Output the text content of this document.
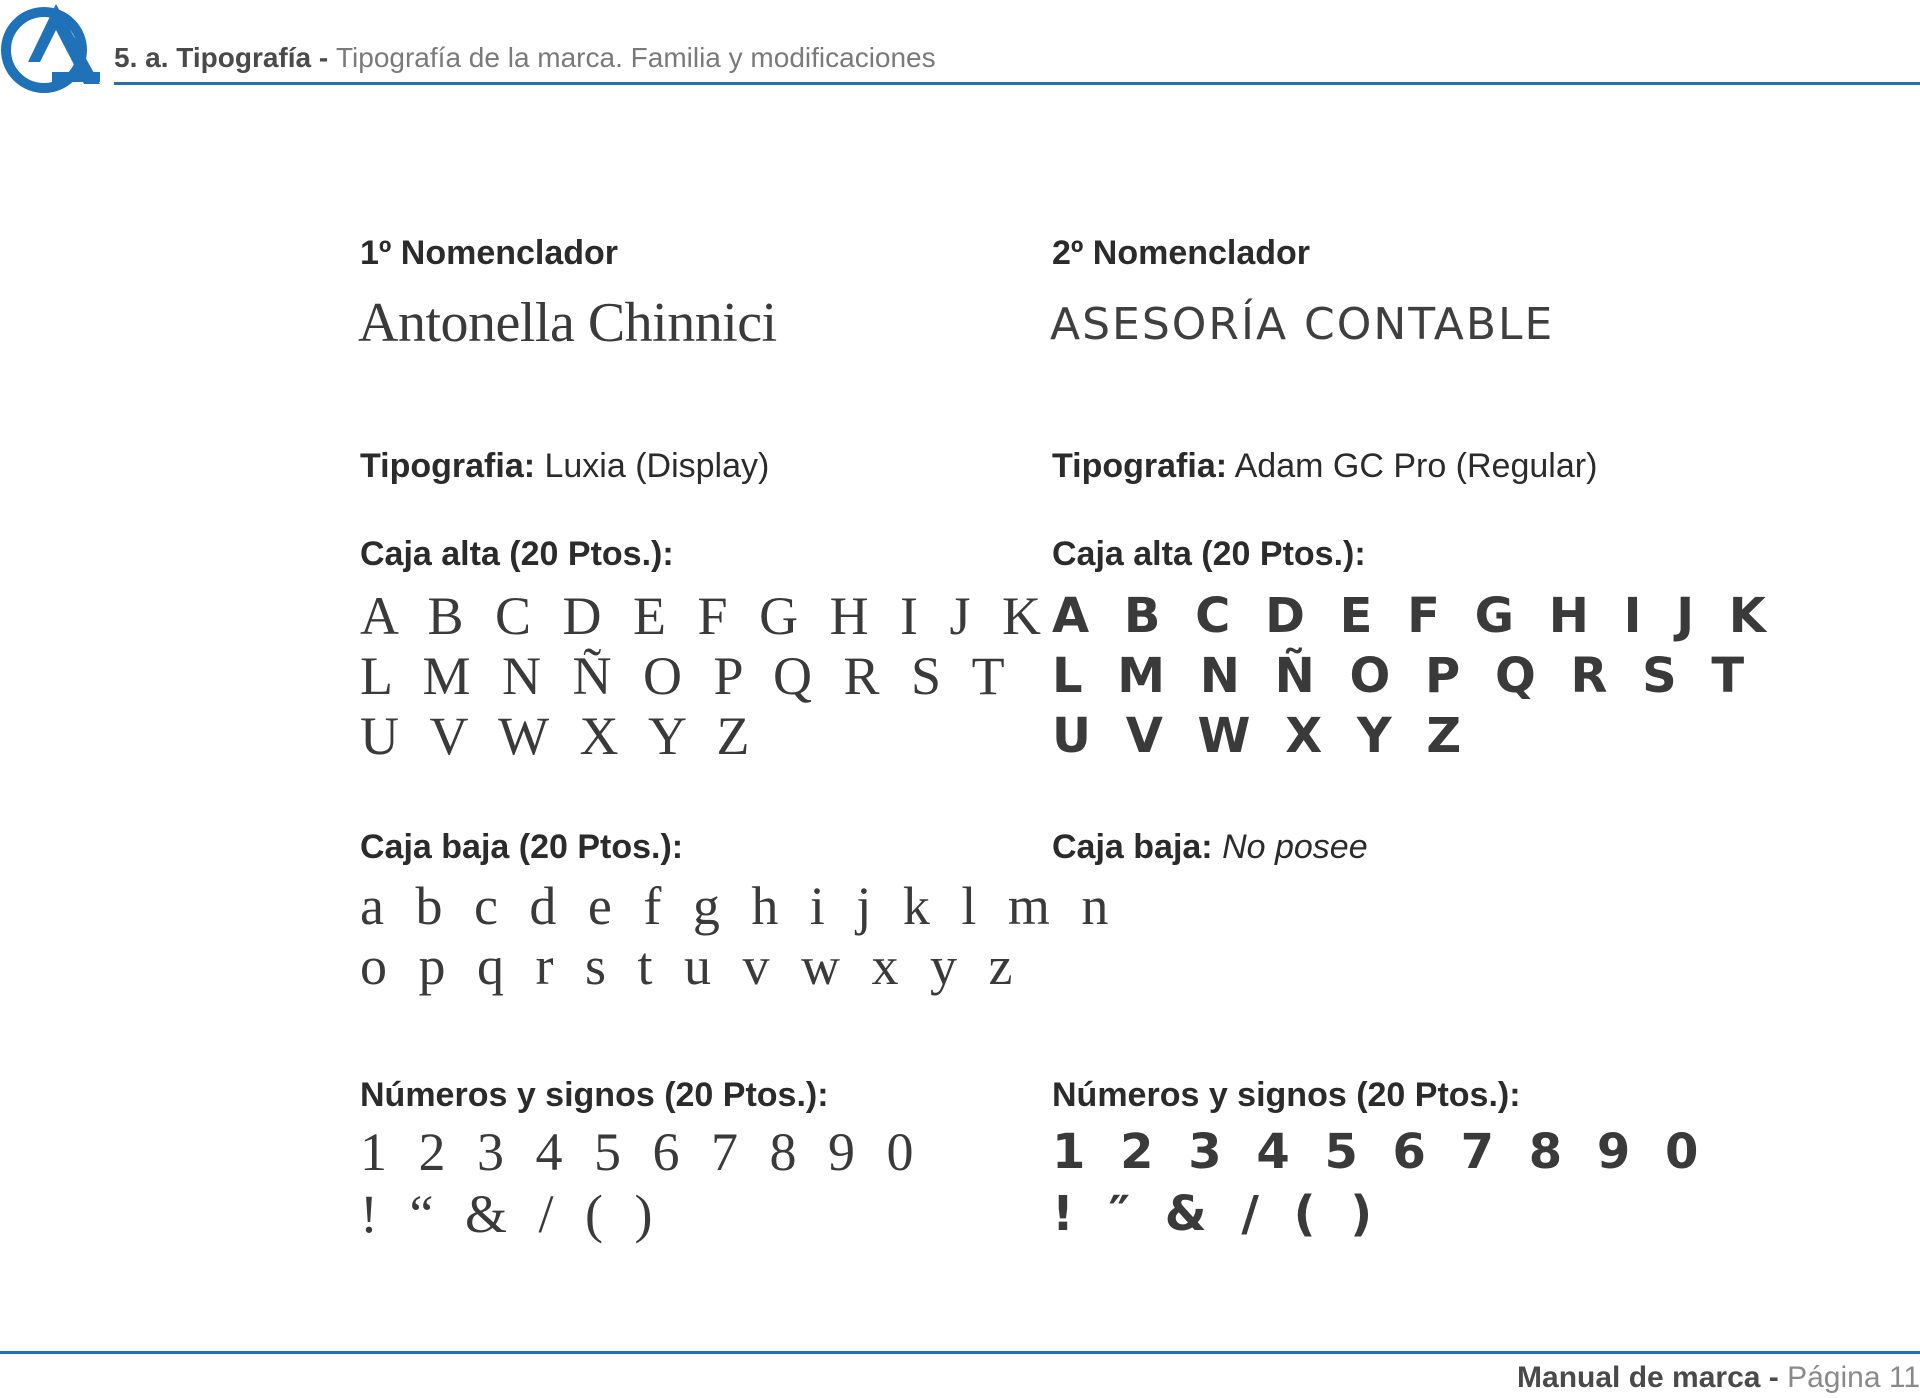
5. a. Tipografía - Tipografía de la marca. Familia y modificaciones
1º Nomenclador
Antonella Chinnici
Tipografia: Luxia (Display)
Caja alta (20 Ptos.):
A B C D E F G H I J K
L M N Ñ O P Q R S T
U V W X Y Z
Caja baja (20 Ptos.):
a b c d e f g h i j k l m n
o p q r s t u v w x y z
Números y signos (20 Ptos.):
1 2 3 4 5 6 7 8 9 0
! “ & / ( )
2º Nomenclador
ASESORÍA CONTABLE
Tipografia: Adam GC Pro (Regular)
Caja alta (20 Ptos.):
A B C D E F G H I J K
L M N Ñ O P Q R S T
U V W X Y Z
Caja baja: No posee
Números y signos (20 Ptos.):
1 2 3 4 5 6 7 8 9 0
! ″ & / ( )
Manual de marca - Página 11
